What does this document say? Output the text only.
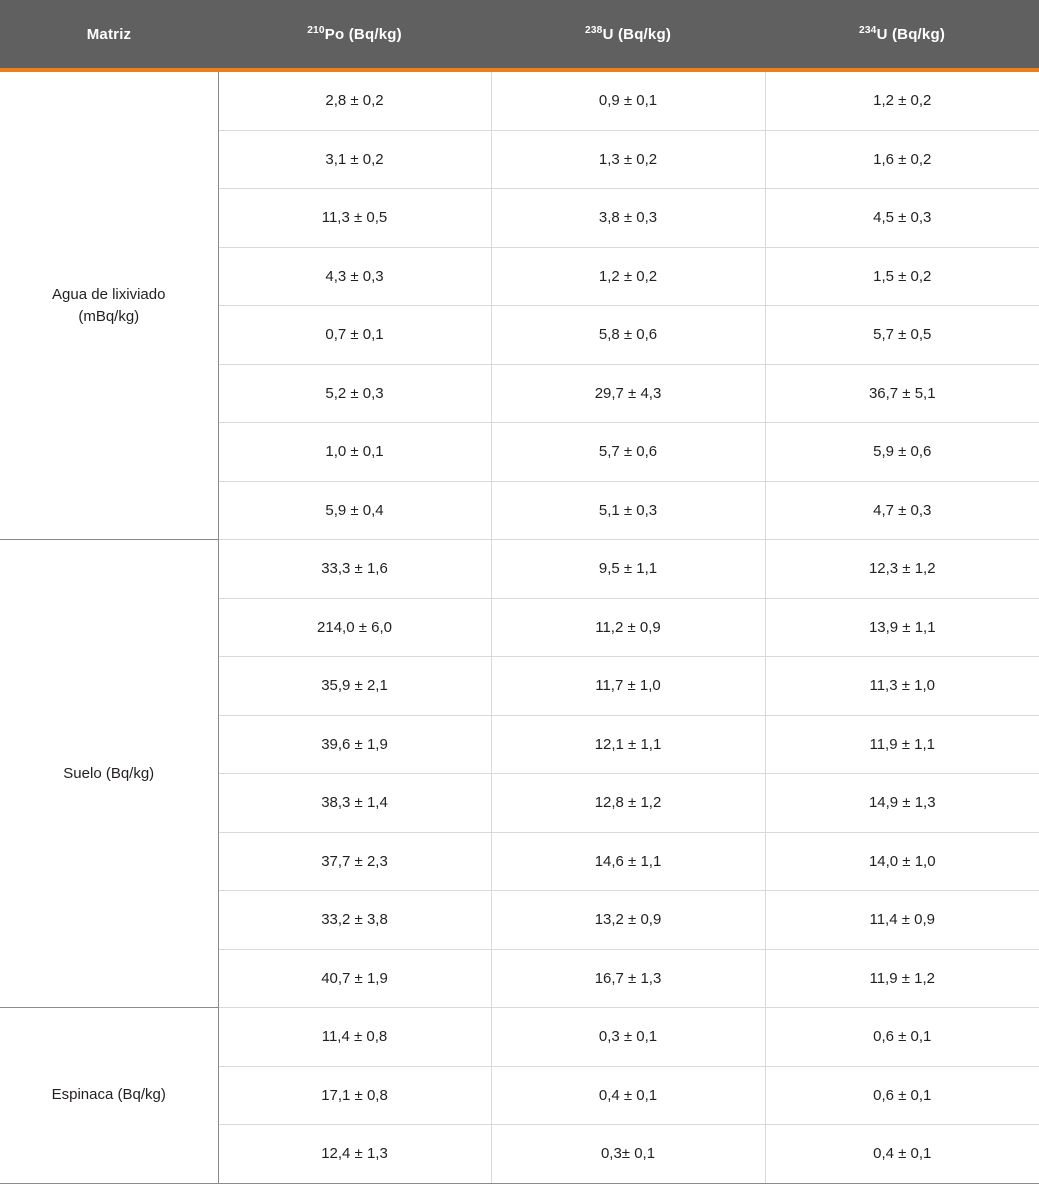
Matriz	$^{210}$Po (Bq/kg)	$^{238}$U (Bq/kg)	$^{234}$U (Bq/kg)

Agua de lixiviado
(mBq/kg)	2,8 ± 0,2	0,9 ± 0,1	1,2 ± 0,2
	3,1 ± 0,2	1,3 ± 0,2	1,6 ± 0,2
	11,3 ± 0,5	3,8 ± 0,3	4,5 ± 0,3
	4,3 ± 0,3	1,2 ± 0,2	1,5 ± 0,2
	0,7 ± 0,1	5,8 ± 0,6	5,7 ± 0,5
	5,2 ± 0,3	29,7 ± 4,3	36,7 ± 5,1
	1,0 ± 0,1	5,7 ± 0,6	5,9 ± 0,6
	5,9 ± 0,4	5,1 ± 0,3	4,7 ± 0,3

Suelo (Bq/kg)	33,3 ± 1,6	9,5 ± 1,1	12,3 ± 1,2
	214,0 ± 6,0	11,2 ± 0,9	13,9 ± 1,1
	35,9 ± 2,1	11,7 ± 1,0	11,3 ± 1,0
	39,6 ± 1,9	12,1 ± 1,1	11,9 ± 1,1
	38,3 ± 1,4	12,8 ± 1,2	14,9 ± 1,3
	37,7 ± 2,3	14,6 ± 1,1	14,0 ± 1,0
	33,2 ± 3,8	13,2 ± 0,9	11,4 ± 0,9
	40,7 ± 1,9	16,7 ± 1,3	11,9 ± 1,2

Espinaca (Bq/kg)	11,4 ± 0,8	0,3 ± 0,1	0,6 ± 0,1
	17,1 ± 0,8	0,4 ± 0,1	0,6 ± 0,1
	12,4 ± 1,3	0,3± 0,1	0,4 ± 0,1
